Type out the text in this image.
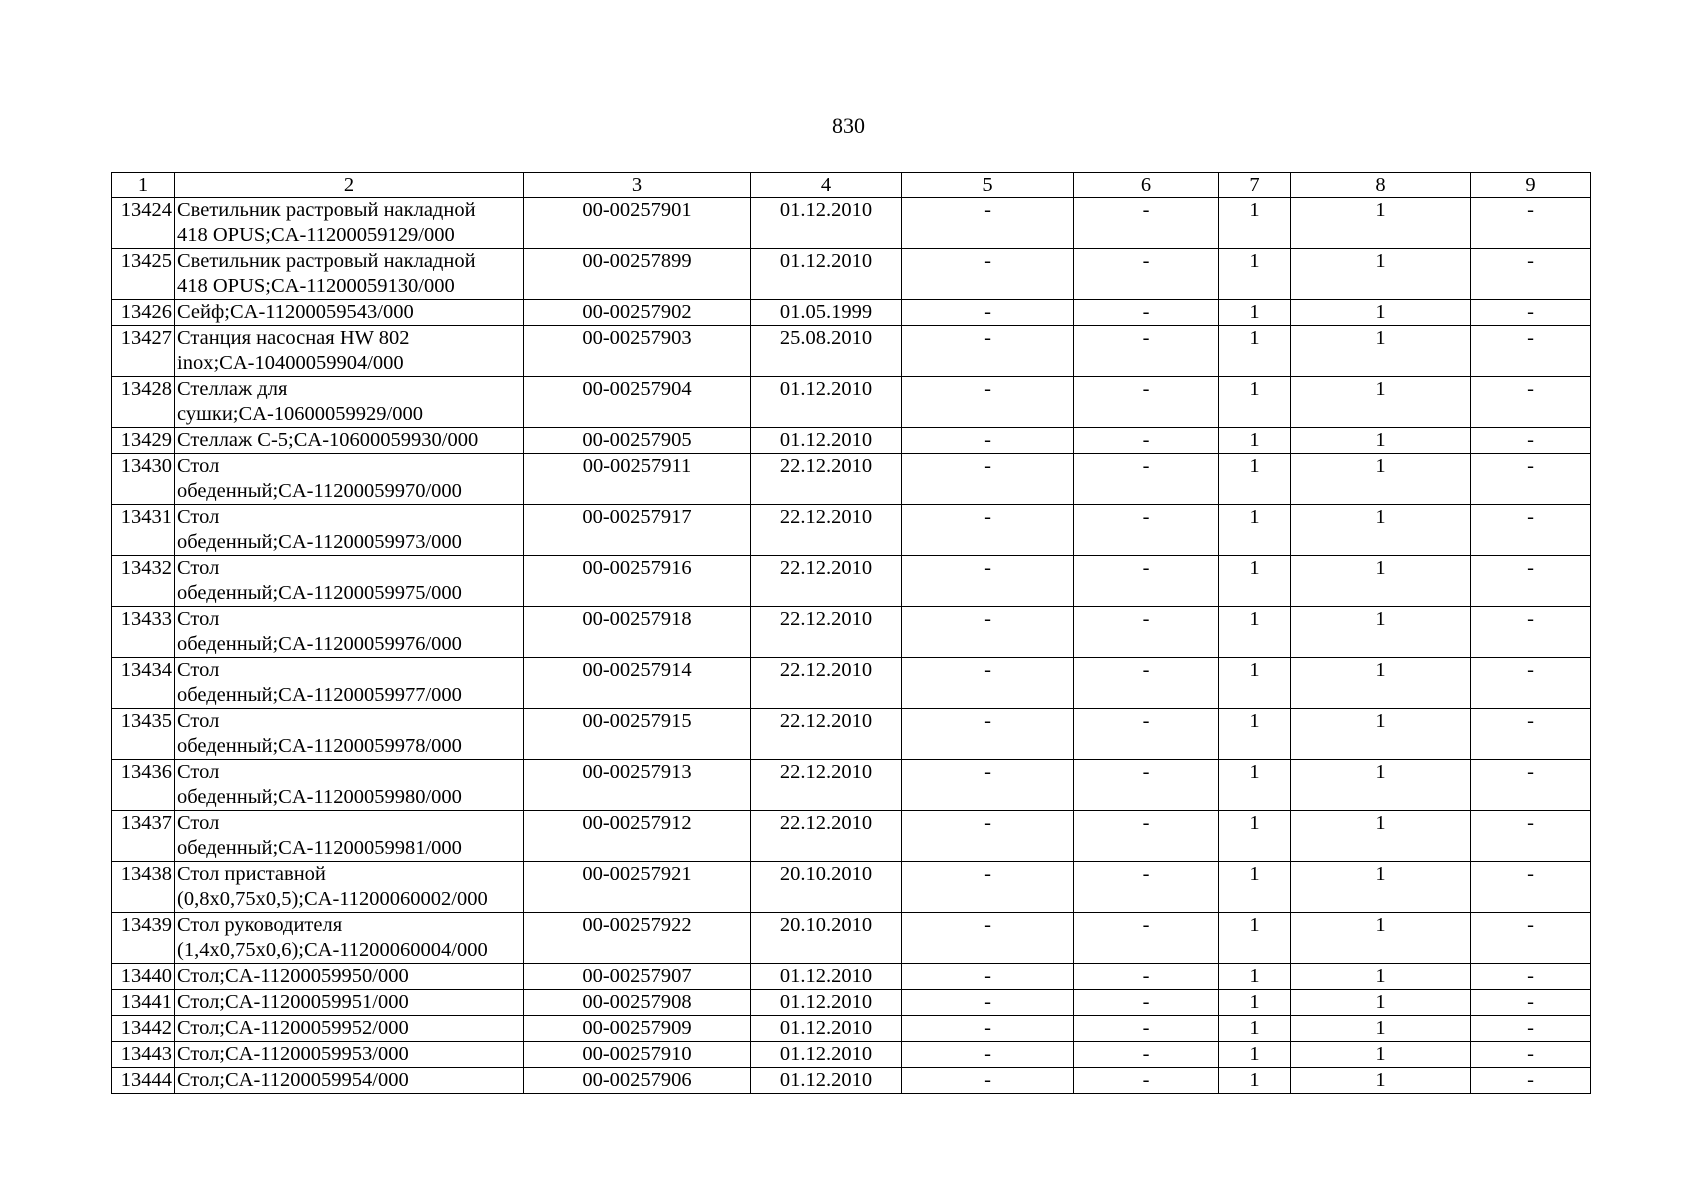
830
1	2	3	4	5	6	7	8	9
13424	Светильник растровый накладной
418 OPUS;CA-11200059129/000	00-00257901	01.12.2010	-	-	1	1	-
13425	Светильник растровый накладной
418 OPUS;CA-11200059130/000	00-00257899	01.12.2010	-	-	1	1	-
13426	Сейф;CA-11200059543/000	00-00257902	01.05.1999	-	-	1	1	-
13427	Станция насосная HW 802
inox;CA-10400059904/000	00-00257903	25.08.2010	-	-	1	1	-
13428	Стеллаж для
сушки;CA-10600059929/000	00-00257904	01.12.2010	-	-	1	1	-
13429	Стеллаж С-5;CA-10600059930/000	00-00257905	01.12.2010	-	-	1	1	-
13430	Стол
обеденный;CA-11200059970/000	00-00257911	22.12.2010	-	-	1	1	-
13431	Стол
обеденный;CA-11200059973/000	00-00257917	22.12.2010	-	-	1	1	-
13432	Стол
обеденный;CA-11200059975/000	00-00257916	22.12.2010	-	-	1	1	-
13433	Стол
обеденный;CA-11200059976/000	00-00257918	22.12.2010	-	-	1	1	-
13434	Стол
обеденный;CA-11200059977/000	00-00257914	22.12.2010	-	-	1	1	-
13435	Стол
обеденный;CA-11200059978/000	00-00257915	22.12.2010	-	-	1	1	-
13436	Стол
обеденный;CA-11200059980/000	00-00257913	22.12.2010	-	-	1	1	-
13437	Стол
обеденный;CA-11200059981/000	00-00257912	22.12.2010	-	-	1	1	-
13438	Стол приставной
(0,8x0,75x0,5);CA-11200060002/000	00-00257921	20.10.2010	-	-	1	1	-
13439	Стол руководителя
(1,4x0,75x0,6);CA-11200060004/000	00-00257922	20.10.2010	-	-	1	1	-
13440	Стол;CA-11200059950/000	00-00257907	01.12.2010	-	-	1	1	-
13441	Стол;CA-11200059951/000	00-00257908	01.12.2010	-	-	1	1	-
13442	Стол;CA-11200059952/000	00-00257909	01.12.2010	-	-	1	1	-
13443	Стол;CA-11200059953/000	00-00257910	01.12.2010	-	-	1	1	-
13444	Стол;CA-11200059954/000	00-00257906	01.12.2010	-	-	1	1	-
